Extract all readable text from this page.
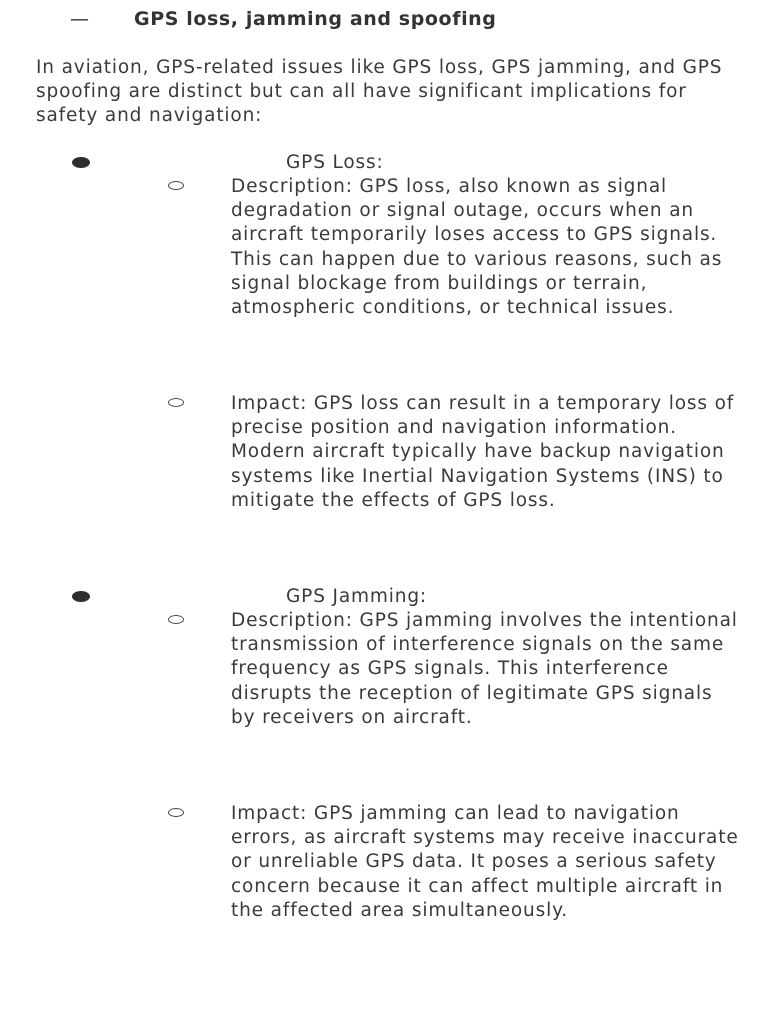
—	GPS loss, jamming and spoofing

In aviation, GPS-related issues like GPS loss, GPS jamming, and GPS spoofing are distinct but can all have significant implications for safety and navigation:

GPS Loss:

Description: GPS loss, also known as signal degradation or signal outage, occurs when an aircraft temporarily loses access to GPS signals. This can happen due to various reasons, such as signal blockage from buildings or terrain, atmospheric conditions, or technical issues.

Impact: GPS loss can result in a temporary loss of precise position and navigation information. Modern aircraft typically have backup navigation systems like Inertial Navigation Systems (INS) to mitigate the effects of GPS loss.

GPS Jamming:

Description: GPS jamming involves the intentional transmission of interference signals on the same frequency as GPS signals. This interference disrupts the reception of legitimate GPS signals by receivers on aircraft.

Impact: GPS jamming can lead to navigation errors, as aircraft systems may receive inaccurate or unreliable GPS data. It poses a serious safety concern because it can affect multiple aircraft in the affected area simultaneously.
